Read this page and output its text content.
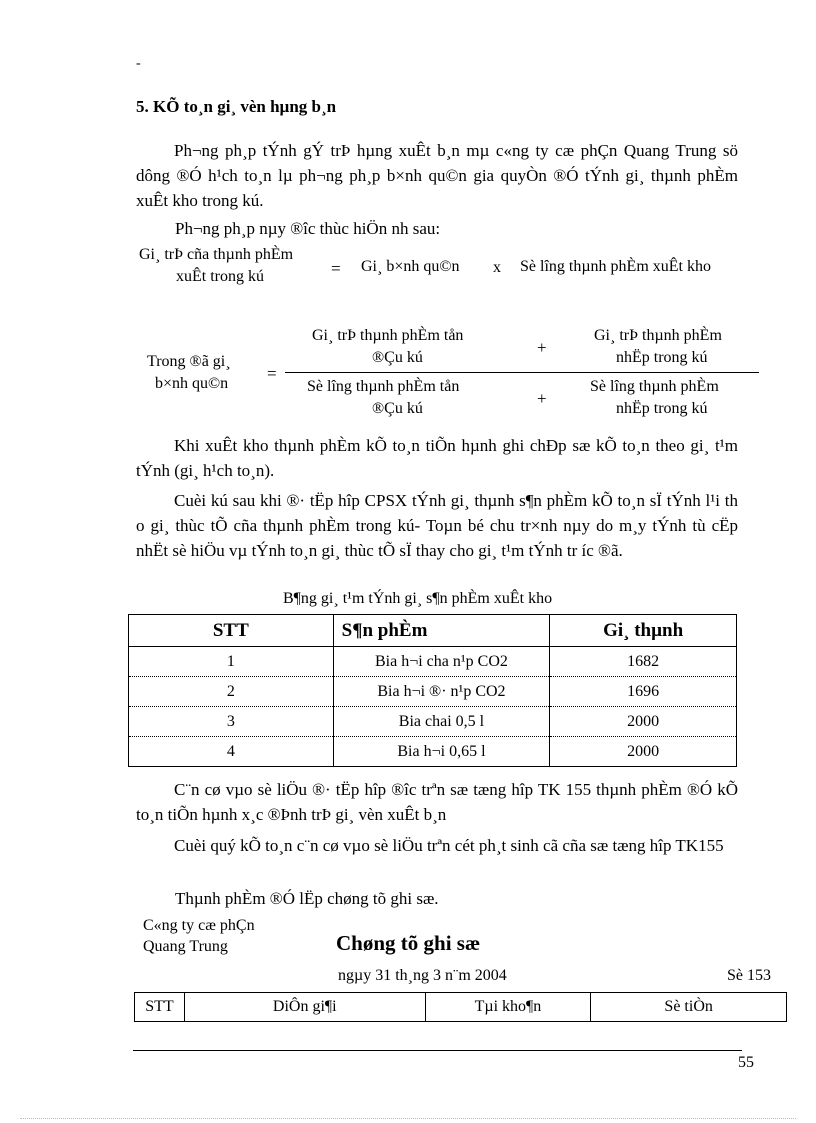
-
5. KÕ to¸n gi¸ vèn hµng b¸n
Ph¬ng ph¸p tÝnh gÝ trÞ hµng xuÊt b¸n mµ c«ng ty cæ phÇn Quang Trung sö dông ®Ó h¹ch to¸n lµ ph¬ng ph¸p b×nh qu©n gia quyÒn ®Ó tÝnh gi¸ thµnh phÈm xuÊt kho trong kú.
Ph¬ng ph¸p nµy ®îc thùc hiÖn nh sau:
Gi¸ trÞ cña thµnh phÈm
xuÊt trong kú	= Gi¸ b×nh qu©n x Sè lîng thµnh phÈm xuÊt kho
Trong ®ã gi¸
b×nh qu©n
=
Gi¸ trÞ thµnh phÈm tån
®Çu kú
+
Gi¸ trÞ thµnh phÈm
nhËp trong kú
Sè lîng thµnh phÈm tån
®Çu kú
+
Sè lîng thµnh phÈm
nhËp trong kú
Khi xuÊt kho thµnh phÈm kÕ to¸n tiÕn hµnh ghi chÐp sæ kÕ to¸n theo gi¸ t¹m tÝnh (gi¸ h¹ch to¸n).
Cuèi kú sau khi ®· tËp hîp CPSX tÝnh gi¸ thµnh s¶n phÈm kÕ to¸n sÏ tÝnh l¹i th o gi¸ thùc tÕ cña thµnh phÈm trong kú- Toµn bé chu tr×nh nµy do m¸y tÝnh tù cËp nhËt sè hiÖu vµ tÝnh to¸n gi¸ thùc tÕ sÏ thay cho gi¸ t¹m tÝnh tr íc ®ã.
B¶ng gi¸ t¹m tÝnh gi¸ s¶n phÈm xuÊt kho
STT	S¶n phÈm	Gi¸ thµnh
1	Bia h¬i cha n¹p CO2	1682
2	Bia h¬i ®· n¹p CO2	1696
3	Bia chai 0,5 l	2000
4	Bia h¬i 0,65 l	2000
C¨n cø vµo sè liÖu ®· tËp hîp ®îc trªn sæ tæng hîp TK 155 thµnh phÈm ®Ó kÕ to¸n tiÕn hµnh x¸c ®Þnh trÞ gi¸ vèn xuÊt b¸n
Cuèi quý kÕ to¸n c¨n cø vµo sè liÖu trªn cét ph¸t sinh cã cña sæ tæng hîp TK155
Thµnh phÈm ®Ó lËp chøng tõ ghi sæ.
C«ng ty cæ phÇn
Quang Trung	Chøng tõ ghi sæ
ngµy 31 th¸ng 3 n¨m 2004	Sè 153
STT	DiÔn gi¶i	Tµi kho¶n	Sè tiÒn
55
